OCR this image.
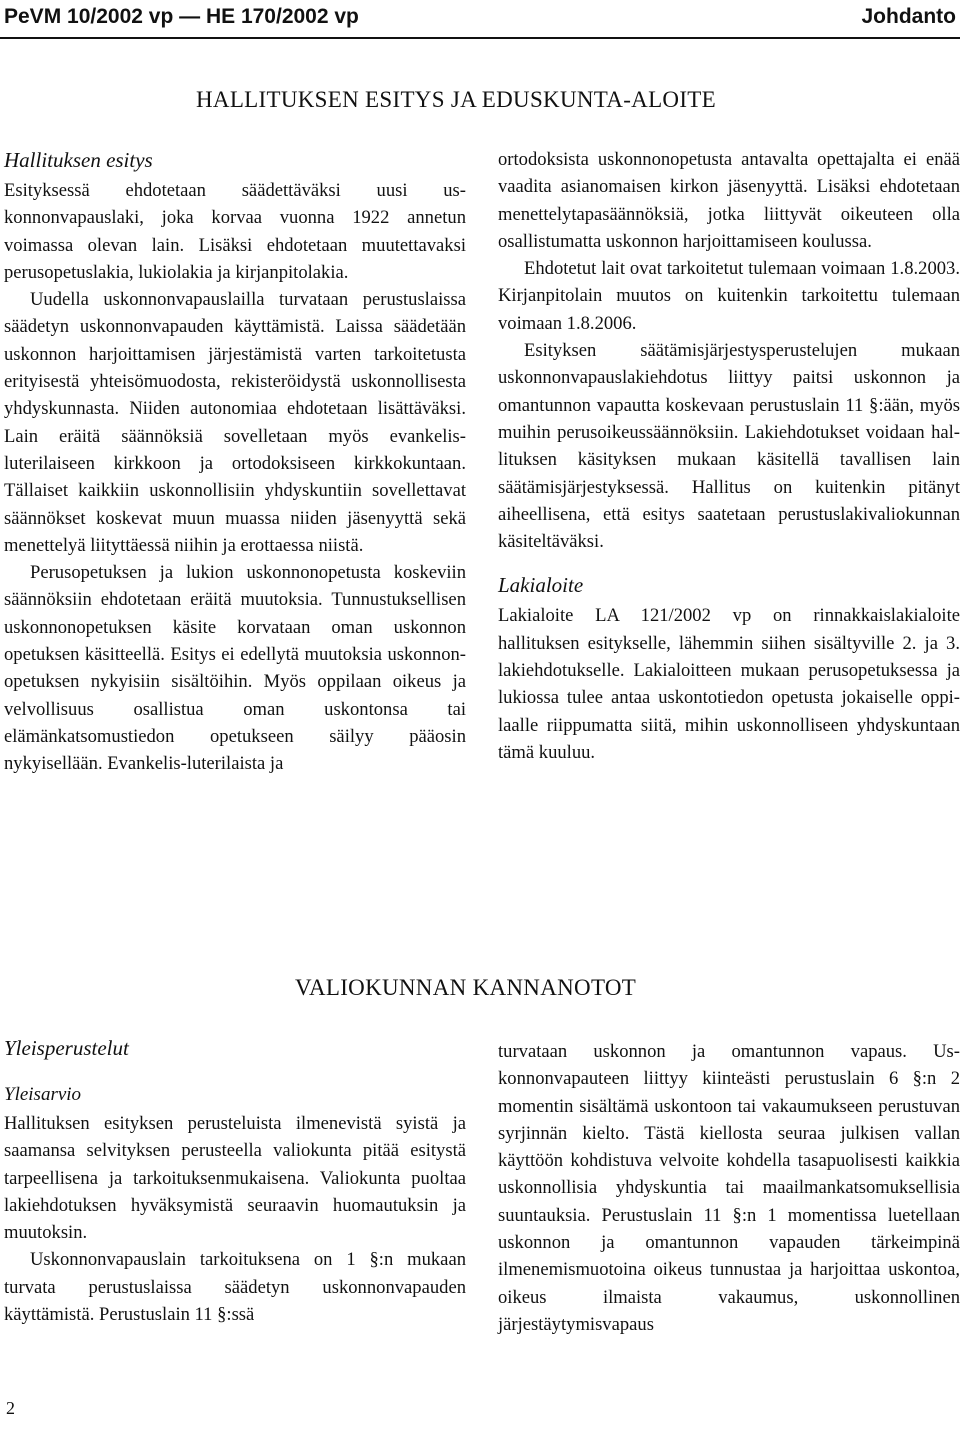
PeVM 10/2002 vp — HE 170/2002 vp	Johdanto
HALLITUKSEN ESITYS JA EDUSKUNTA-ALOITE
Hallituksen esitys

Esityksessä ehdotetaan säädettäväksi uusi uskonnonvapauslaki, joka korvaa vuonna 1922 annetun voimassa olevan lain. Lisäksi ehdotetaan muutettavaksi perusopetuslakia, lukiolakia ja kirjanpitolakia.

Uudella uskonnonvapauslailla turvataan perustuslaissa säädetyn uskonnonvapauden käyttämistä. Laissa säädetään uskonnon harjoittamisen järjestämistä varten tarkoitetusta erityisestä yhteisömuodosta, rekisteröidystä uskonnollisesta yhdyskunnasta. Niiden autonomiaa ehdotetaan lisättäväksi. Lain eräitä säännöksiä sovelletaan myös evankelis-luterilaiseen kirkkoon ja ortodoksiseen kirkkokuntaan. Tällaiset kaikkiin uskonnollisiin yhdyskuntiin sovellettavat säännökset koskevat muun muassa niiden jäsenyyttä sekä menettelyä liityttäessä niihin ja erottaessa niistä.

Perusopetuksen ja lukion uskonnonopetusta koskeviin säännöksiin ehdotetaan eräitä muutoksia. Tunnustuksellisen uskonnonopetuksen käsite korvataan oman uskonnon opetuksen käsitteellä. Esitys ei edellytä muutoksia uskonnonopetuksen nykyisiin sisältöihin. Myös oppilaan oikeus ja velvollisuus osallistua oman uskontonsa tai elämänkatsomustiedon opetukseen säilyy pääosin nykyisellään. Evankelis-luterilaista ja

ortodoksista uskonnonopetusta antavalta opettajalta ei enää vaadita asianomaisen kirkon jäsenyyttä. Lisäksi ehdotetaan menettelytapasäännöksiä, jotka liittyvät oikeuteen olla osallistumatta uskonnon harjoittamiseen koulussa.

Ehdotetut lait ovat tarkoitetut tulemaan voimaan 1.8.2003. Kirjanpitolain muutos on kuitenkin tarkoitettu tulemaan voimaan 1.8.2006.

Esityksen säätämisjärjestysperustelujen mukaan uskonnonvapauslakiehdotus liittyy paitsi uskonnon ja omantunnon vapautta koskevaan perustuslain 11 §:ään, myös muihin perusoikeussäännöksiin. Lakiehdotukset voidaan hallituksen käsityksen mukaan käsitellä tavallisen lain säätämisjärjestyksessä. Hallitus on kuitenkin pitänyt aiheellisena, että esitys saatetaan perustuslakivaliokunnan käsiteltäväksi.

Lakialoite

Lakialoite LA 121/2002 vp on rinnakkaislakialoite hallituksen esitykselle, lähemmin siihen sisältyville 2. ja 3. lakiehdotukselle. Lakialoitteen mukaan perusopetuksessa ja lukiossa tulee antaa uskontotiedon opetusta jokaiselle oppilaalle riippumatta siitä, mihin uskonnolliseen yhdyskuntaan tämä kuuluu.

VALIOKUNNAN KANNANOTOT
Yleisperustelut
Yleisarvio

Hallituksen esityksen perusteluista ilmenevistä syistä ja saamansa selvityksen perusteella valiokunta pitää esitystä tarpeellisena ja tarkoituksenmukaisena. Valiokunta puoltaa lakiehdotuksen hyväksymistä seuraavin huomautuksin ja muutoksin.

Uskonnonvapauslain tarkoituksena on 1 §:n mukaan turvata perustuslaissa säädetyn uskonnonvapauden käyttämistä. Perustuslain 11 §:ssä

turvataan uskonnon ja omantunnon vapaus. Uskonnonvapauteen liittyy kiinteästi perustuslain 6 §:n 2 momentin sisältämä uskontoon tai vakaumukseen perustuvan syrjinnän kielto. Tästä kiellosta seuraa julkisen vallan käyttöön kohdistuva velvoite kohdella tasapuolisesti kaikkia uskonnollisia yhdyskuntia tai maailmankatsomuksellisia suuntauksia. Perustuslain 11 §:n 1 momentissa luetellaan uskonnon ja omantunnon vapauden tärkeimpinä ilmenemismuotoina oikeus tunnustaa ja harjoittaa uskontoa, oikeus ilmaista vakaumus, uskonnollinen järjestäytymisvapaus

2
